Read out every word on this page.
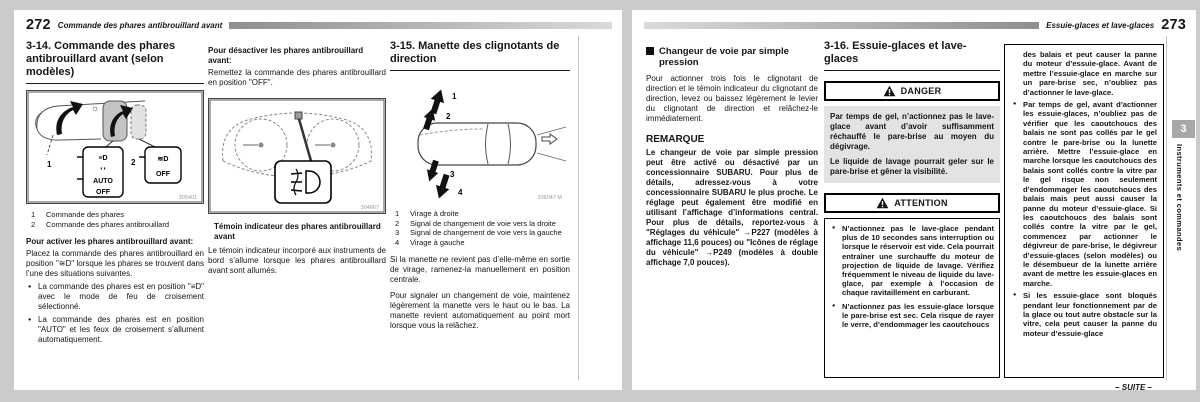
272 Commande des phares antibrouillard avant
3-14. Commande des phares antibrouillard avant (selon modèles)
☼
1
≡D
◖◗
AUTO
OFF
2	≋D
OFF
305401
1	Commande des phares
2	Commande des phares antibrouillard
Pour activer les phares antibrouillard avant:
Placez la commande des phares antibrouillard en position "≋D" lorsque les phares se trouvent dans l’une des situations suivantes.
● La commande des phares est en position "≡D" avec le mode de feu de croisement sélectionné.
● La commande des phares est en position "AUTO" et les feux de croisement s’allument automatiquement.
Pour désactiver les phares antibrouillard avant:
Remettez la commande des phares antibrouillard en position "OFF".
304867
Témoin indicateur des phares antibrouillard avant
Le témoin indicateur incorporé aux instruments de bord s’allume lorsque les phares antibrouillard avant sont allumés.
3-15. Manette des clignotants de direction
1
2
3
4
306047 M
1	Virage à droite
2	Signal de changement de voie vers la droite
3	Signal de changement de voie vers la gauche
4	Virage à gauche
Si la manette ne revient pas d’elle-même en sortie de virage, ramenez-la manuellement en position centrale.
Pour signaler un changement de voie, maintenez légèrement la manette vers le haut ou le bas. La manette revient automatiquement au point mort lorsque vous la relâchez.
Essuie-glaces et lave-glaces 273
Changeur de voie par simple pression
Pour actionner trois fois le clignotant de direction et le témoin indicateur du clignotant de direction, levez ou baissez légèrement le levier du clignotant de direction et relâchez-le immédiatement.
REMARQUE
Le changeur de voie par simple pression peut être activé ou désactivé par un concessionnaire SUBARU. Pour plus de détails, adressez-vous à votre concessionnaire SUBARU le plus proche. Le réglage peut également être modifié en utilisant l’affichage d’informations central. Pour plus de détails, reportez-vous à "Réglages du véhicule" →P227 (modèles à affichage 11,6 pouces) ou "Icônes de réglage du véhicule" →P249 (modèles à double affichage 7,0 pouces).
3-16. Essuie-glaces et lave-glaces
DANGER

Par temps de gel, n’actionnez pas le lave-glace avant d’avoir suffisamment réchauffé le pare-brise au moyen du dégivrage.

Le liquide de lavage pourrait geler sur le pare-brise et gêner la visibilité.

ATTENTION
● N’actionnez pas le lave-glace pendant plus de 10 secondes sans interruption ou lorsque le réservoir est vide. Cela pourrait entraîner une surchauffe du moteur de projection de liquide de lavage. Vérifiez fréquemment le niveau de liquide du lave-glace, par exemple à l’occasion de chaque ravitaillement en carburant.
● N’actionnez pas les essuie-glace lorsque le pare-brise est sec. Cela risque de rayer le verre, d’endommager les caoutchoucs
des balais et peut causer la panne du moteur d’essuie-glace. Avant de mettre l’essuie-glace en marche sur un pare-brise sec, n’oubliez pas d’actionner le lave-glace.
● Par temps de gel, avant d’actionner les essuie-glaces, n’oubliez pas de vérifier que les caoutchoucs des balais ne sont pas collés par le gel contre le pare-brise ou la lunette arrière. Mettre l’essuie-glace en marche lorsque les caoutchoucs des balais sont collés contre la vitre par le gel risque non seulement d’endommager les caoutchoucs des balais mais peut aussi causer la panne du moteur d’essuie-glace. Si les caoutchoucs des balais sont collés contre la vitre par le gel, commencez par actionner le dégivreur de pare-brise, le dégivreur d’essuie-glaces (selon modèles) ou le désembueur de la lunette arrière avant de mettre les essuie-glaces en marche.
● Si les essuie-glace sont bloqués pendant leur fonctionnement par de la glace ou tout autre obstacle sur la vitre, cela peut causer la panne du moteur d’essuie-glace
– SUITE –
3
Instruments et commandes
